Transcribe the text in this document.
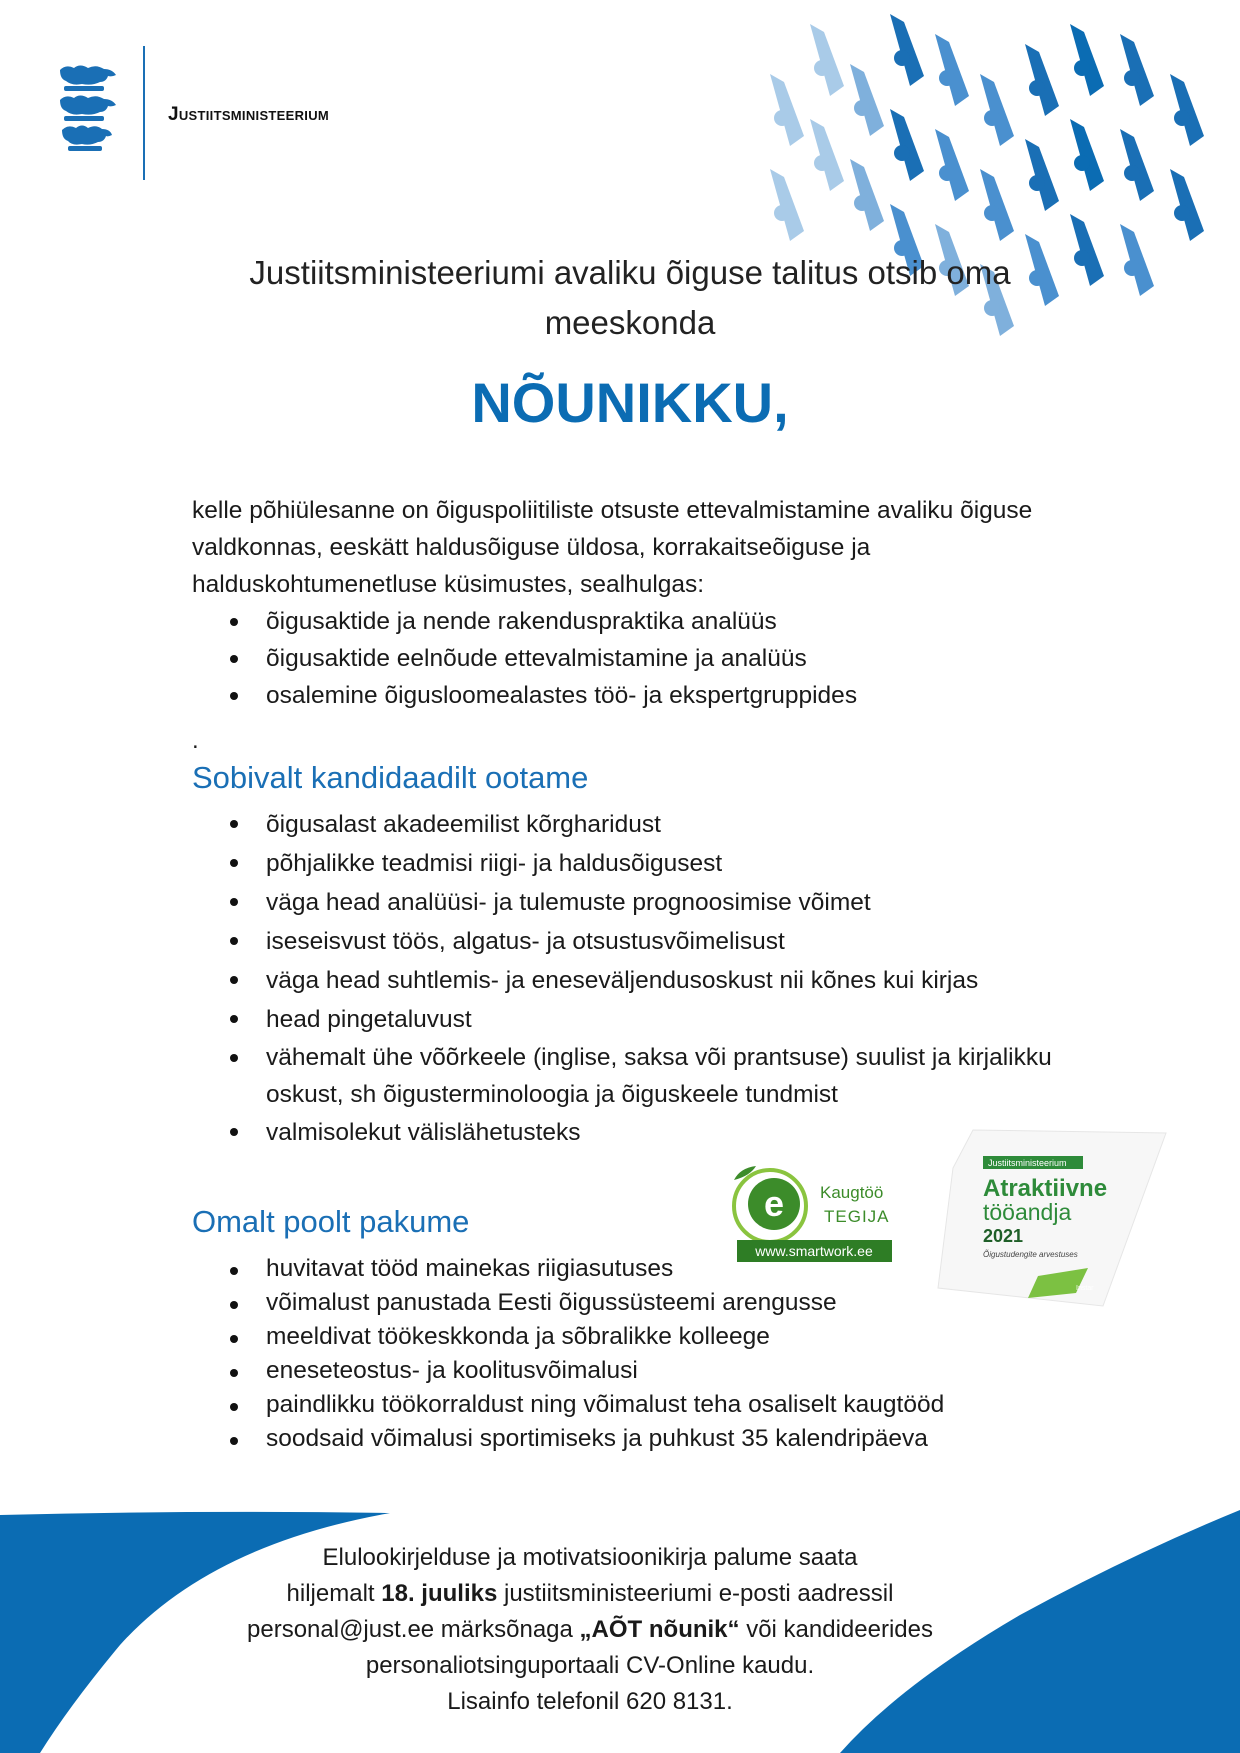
Justiitsministeerium
Justiitsministeeriumi avaliku õiguse talitus otsib oma meeskonda
NÕUNIKKU,
kelle põhiülesanne on õiguspoliitiliste otsuste ettevalmistamine avaliku õiguse valdkonnas, eeskätt haldusõiguse üldosa, korrakaitseõiguse ja halduskohtumenetluse küsimustes, sealhulgas:
õigusaktide ja nende rakenduspraktika analüüs
õigusaktide eelnõude ettevalmistamine ja analüüs
osalemine õigusloomealastes töö- ja ekspertgruppides
.
Sobivalt kandidaadilt ootame
õigusalast akadeemilist kõrgharidust
põhjalikke teadmisi riigi- ja haldusõigusest
väga head analüüsi- ja tulemuste prognoosimise võimet
iseseisvust töös, algatus- ja otsustusvõimelisust
väga head suhtlemis- ja eneseväljendusoskust nii kõnes kui kirjas
head pingetaluvust
vähemalt ühe võõrkeele (inglise, saksa või prantsuse) suulist ja kirjalikku oskust, sh õigusterminoloogia ja õiguskeele tundmist
valmisolekut välislähetusteks
e Kaugtöö
TEGIJA
www.smartwork.ee
Justiitsministeerium
Atraktiivne
tööandja
2021
Õigustudengite arvestuses
Instar
Omalt poolt pakume
huvitavat tööd mainekas riigiasutuses
võimalust panustada Eesti õigussüsteemi arengusse
meeldivat töökeskkonda ja sõbralikke kolleege
eneseteostus- ja koolitusvõimalusi
paindlikku töökorraldust ning võimalust teha osaliselt kaugtööd
soodsaid võimalusi sportimiseks ja puhkust 35 kalendripäeva
Elulookirjelduse ja motivatsioonikirja palume saata
hiljemalt 18. juuliks justiitsministeeriumi e-posti aadressil
personal@just.ee märksõnaga „AÕT nõunik“ või kandideerides
personaliotsinguportaali CV-Online kaudu.
Lisainfo telefonil 620 8131.
